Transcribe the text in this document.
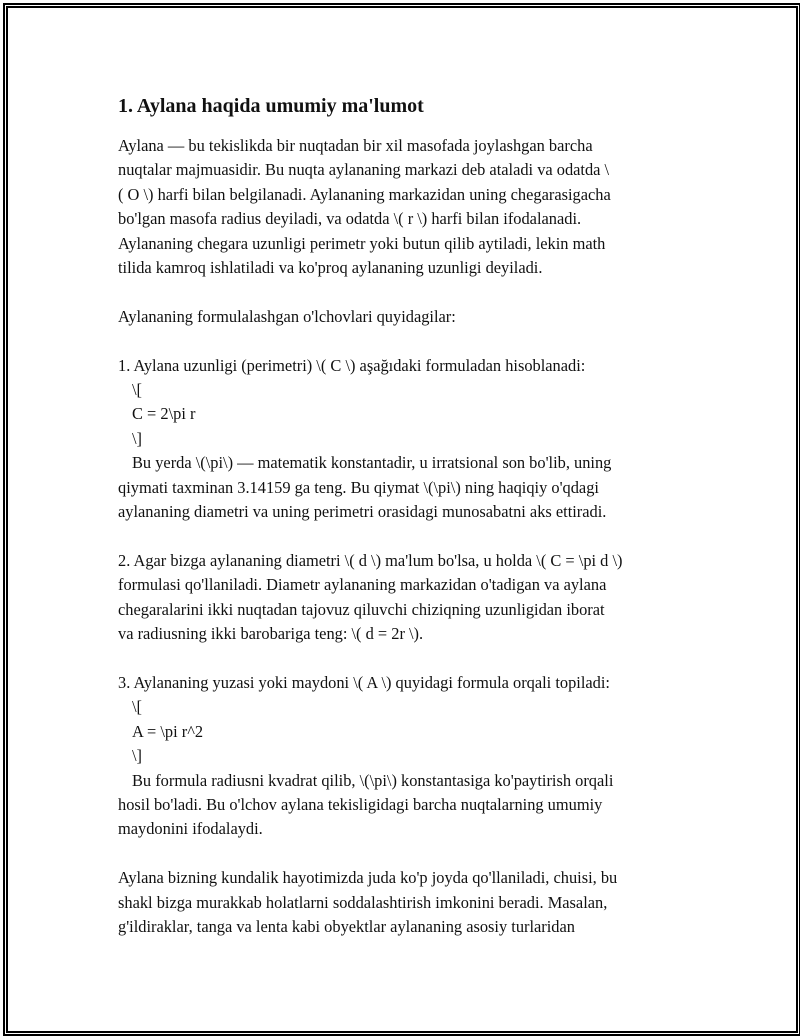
1. Aylana haqida umumiy ma'lumot

Aylana — bu tekislikda bir nuqtadan bir xil masofada joylashgan barcha
nuqtalar majmuasidir. Bu nuqta aylananing markazi deb ataladi va odatda \
( O \) harfi bilan belgilanadi. Aylananing markazidan uning chegarasigacha
bo'lgan masofa radius deyiladi, va odatda \( r \) harfi bilan ifodalanadi.
Aylananing chegara uzunligi perimetr yoki butun qilib aytiladi, lekin math
tilida kamroq ishlatiladi va ko'proq aylananing uzunligi deyiladi.

Aylananing formulalashgan o'lchovlari quyidagilar:

1. Aylana uzunligi (perimetri) \( C \) aşağıdaki formuladan hisoblanadi:
\[
C = 2\pi r
\]
Bu yerda \(\pi\) — matematik konstantadir, u irratsional son bo'lib, uning
qiymati taxminan 3.14159 ga teng. Bu qiymat \(\pi\) ning haqiqiy o'qdagi
aylananing diametri va uning perimetri orasidagi munosabatni aks ettiradi.

2. Agar bizga aylananing diametri \( d \) ma'lum bo'lsa, u holda \( C = \pi d \)
formulasi qo'llaniladi. Diametr aylananing markazidan o'tadigan va aylana
chegaralarini ikki nuqtadan tajovuz qiluvchi chiziqning uzunligidan iborat
va radiusning ikki barobariga teng: \( d = 2r \).

3. Aylananing yuzasi yoki maydoni \( A \) quyidagi formula orqali topiladi:
\[
A = \pi r^2
\]
Bu formula radiusni kvadrat qilib, \(\pi\) konstantasiga ko'paytirish orqali
hosil bo'ladi. Bu o'lchov aylana tekisligidagi barcha nuqtalarning umumiy
maydonini ifodalaydi.

Aylana bizning kundalik hayotimizda juda ko'p joyda qo'llaniladi, chuisi, bu
shakl bizga murakkab holatlarni soddalashtirish imkonini beradi. Masalan,
g'ildiraklar, tanga va lenta kabi obyektlar aylananing asosiy turlaridan
